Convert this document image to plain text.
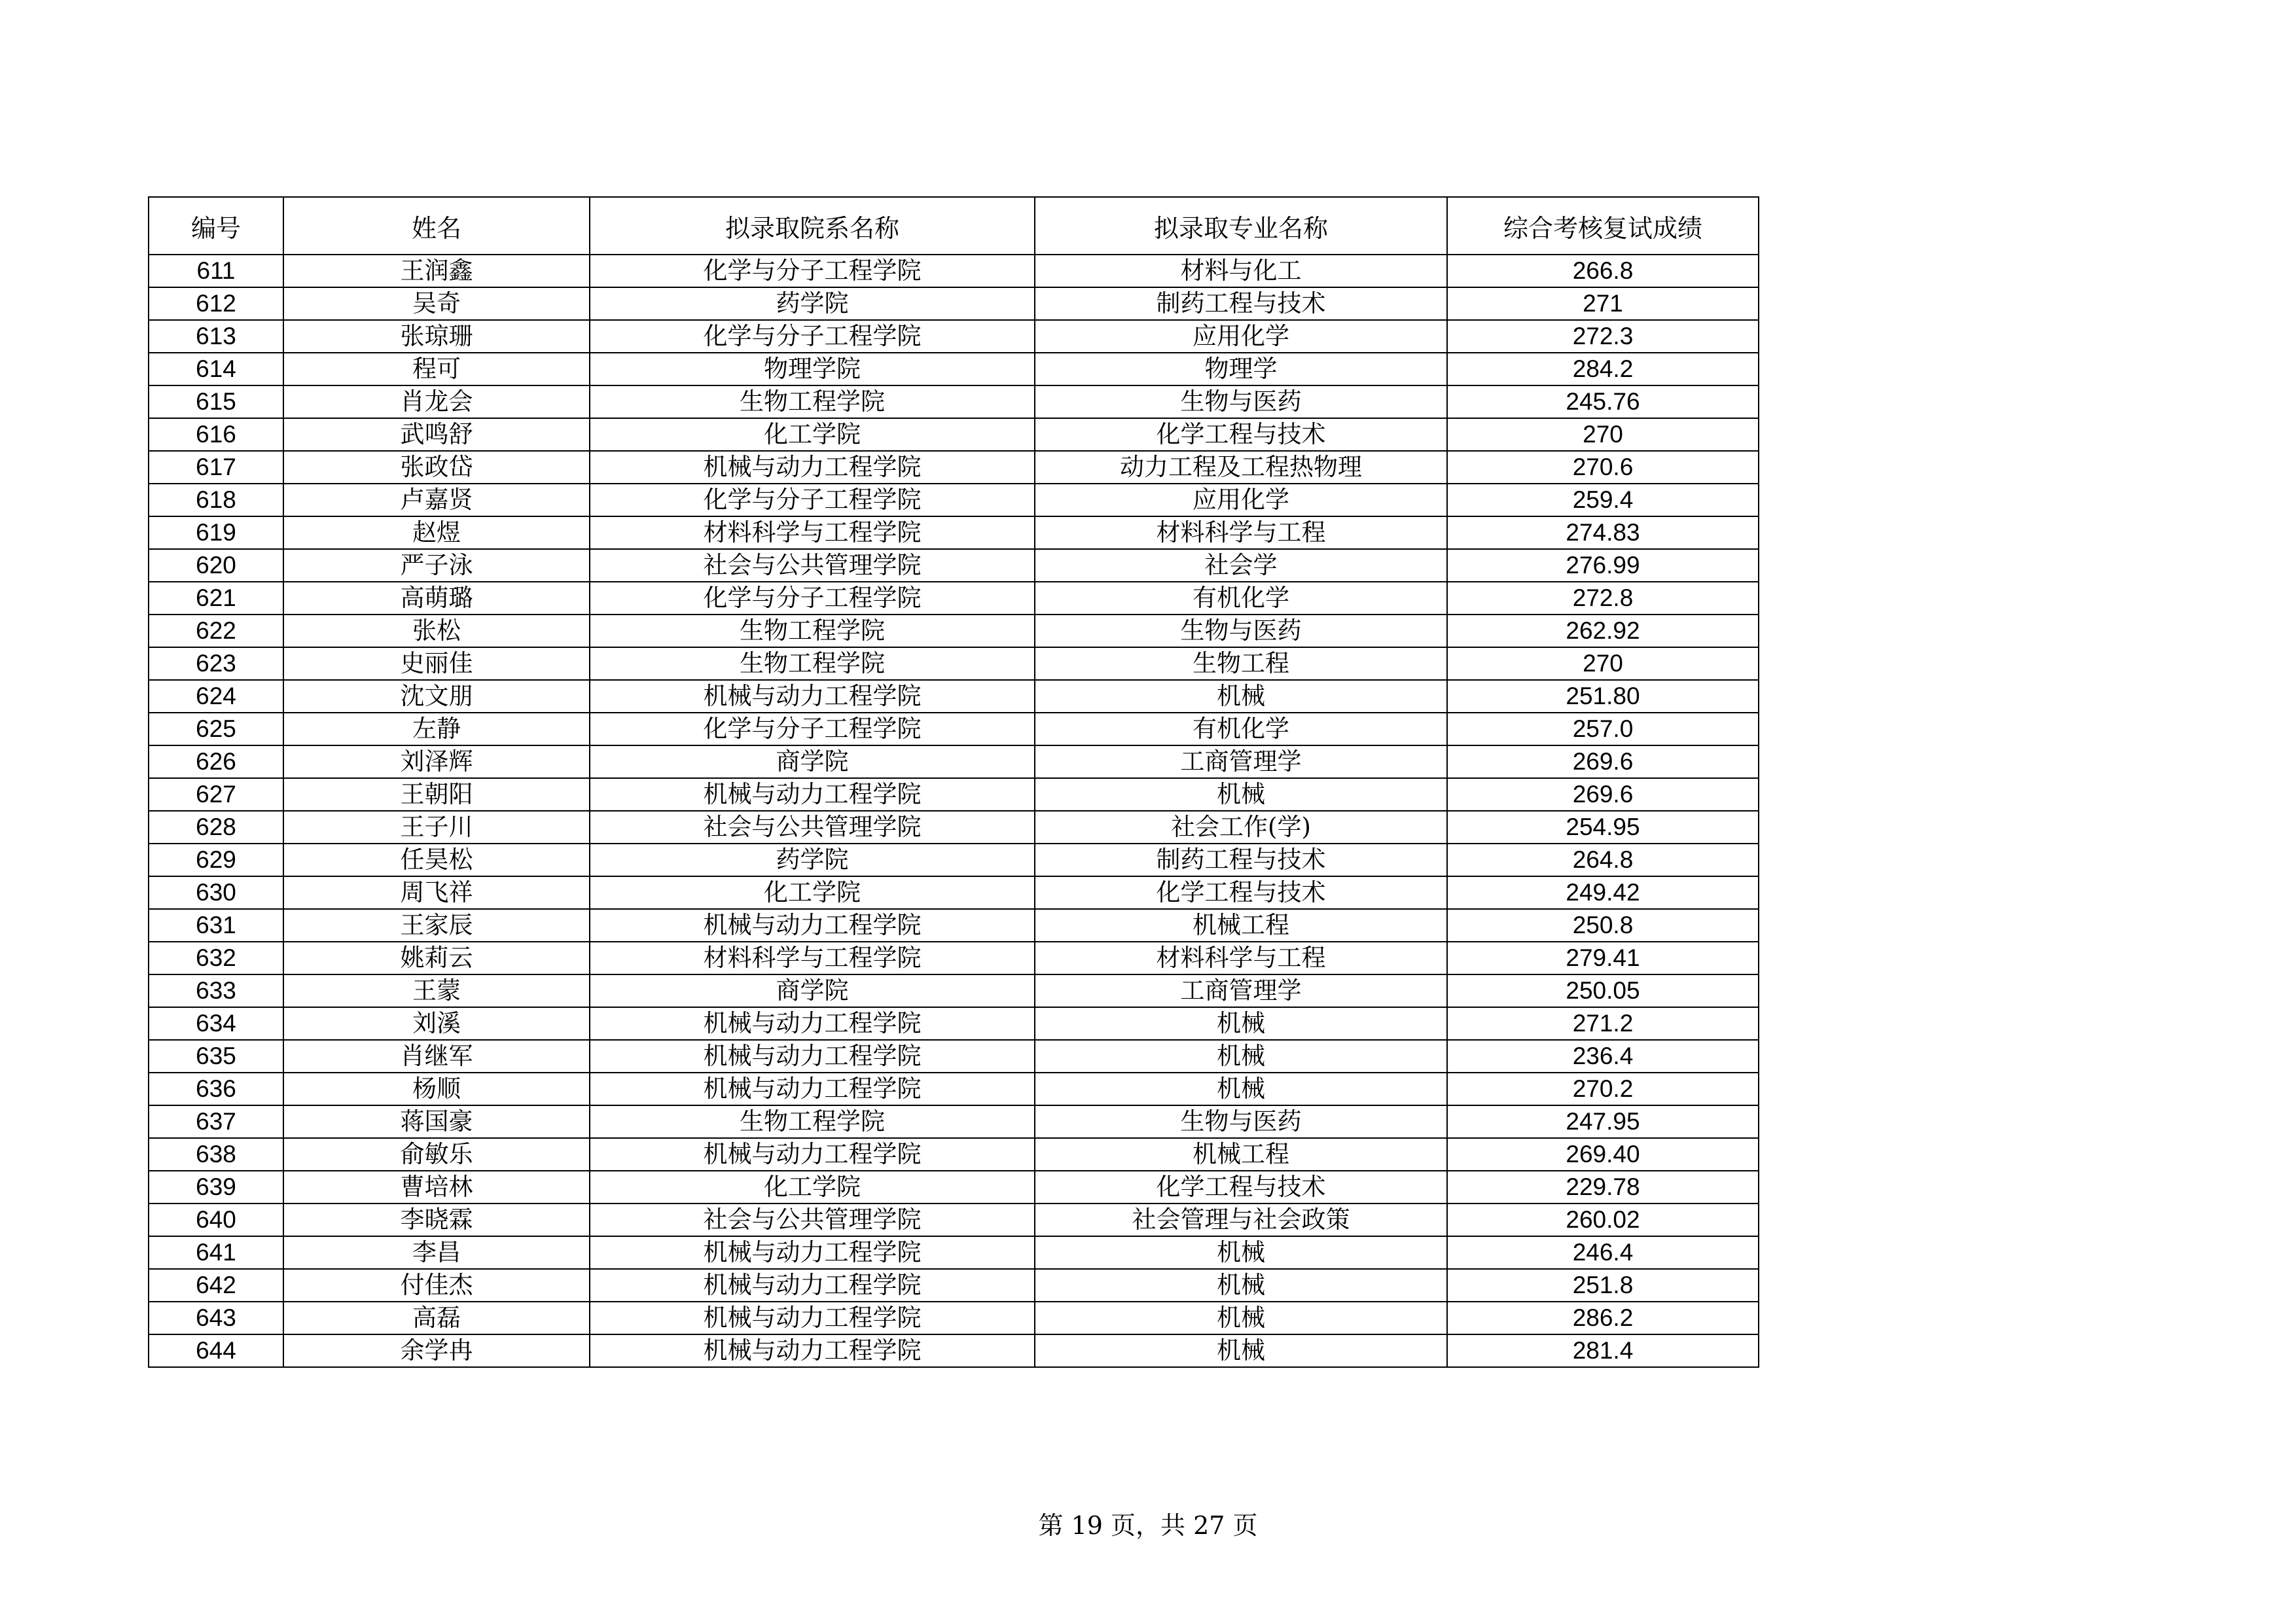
编号	姓名	拟录取院系名称	拟录取专业名称	综合考核复试成绩
611	王润鑫	化学与分子工程学院	材料与化工	266.8
612	吴奇	药学院	制药工程与技术	271
613	张琼珊	化学与分子工程学院	应用化学	272.3
614	程可	物理学院	物理学	284.2
615	肖龙会	生物工程学院	生物与医药	245.76
616	武鸣舒	化工学院	化学工程与技术	270
617	张政岱	机械与动力工程学院	动力工程及工程热物理	270.6
618	卢嘉贤	化学与分子工程学院	应用化学	259.4
619	赵煜	材料科学与工程学院	材料科学与工程	274.83
620	严子泳	社会与公共管理学院	社会学	276.99
621	高萌璐	化学与分子工程学院	有机化学	272.8
622	张松	生物工程学院	生物与医药	262.92
623	史丽佳	生物工程学院	生物工程	270
624	沈文朋	机械与动力工程学院	机械	251.80
625	左静	化学与分子工程学院	有机化学	257.0
626	刘泽辉	商学院	工商管理学	269.6
627	王朝阳	机械与动力工程学院	机械	269.6
628	王子川	社会与公共管理学院	社会工作(学)	254.95
629	任昊松	药学院	制药工程与技术	264.8
630	周飞祥	化工学院	化学工程与技术	249.42
631	王家辰	机械与动力工程学院	机械工程	250.8
632	姚莉云	材料科学与工程学院	材料科学与工程	279.41
633	王蒙	商学院	工商管理学	250.05
634	刘溪	机械与动力工程学院	机械	271.2
635	肖继军	机械与动力工程学院	机械	236.4
636	杨顺	机械与动力工程学院	机械	270.2
637	蒋国豪	生物工程学院	生物与医药	247.95
638	俞敏乐	机械与动力工程学院	机械工程	269.40
639	曹培林	化工学院	化学工程与技术	229.78
640	李晓霖	社会与公共管理学院	社会管理与社会政策	260.02
641	李昌	机械与动力工程学院	机械	246.4
642	付佳杰	机械与动力工程学院	机械	251.8
643	高磊	机械与动力工程学院	机械	286.2
644	余学冉	机械与动力工程学院	机械	281.4
第 19 页，共 27 页
